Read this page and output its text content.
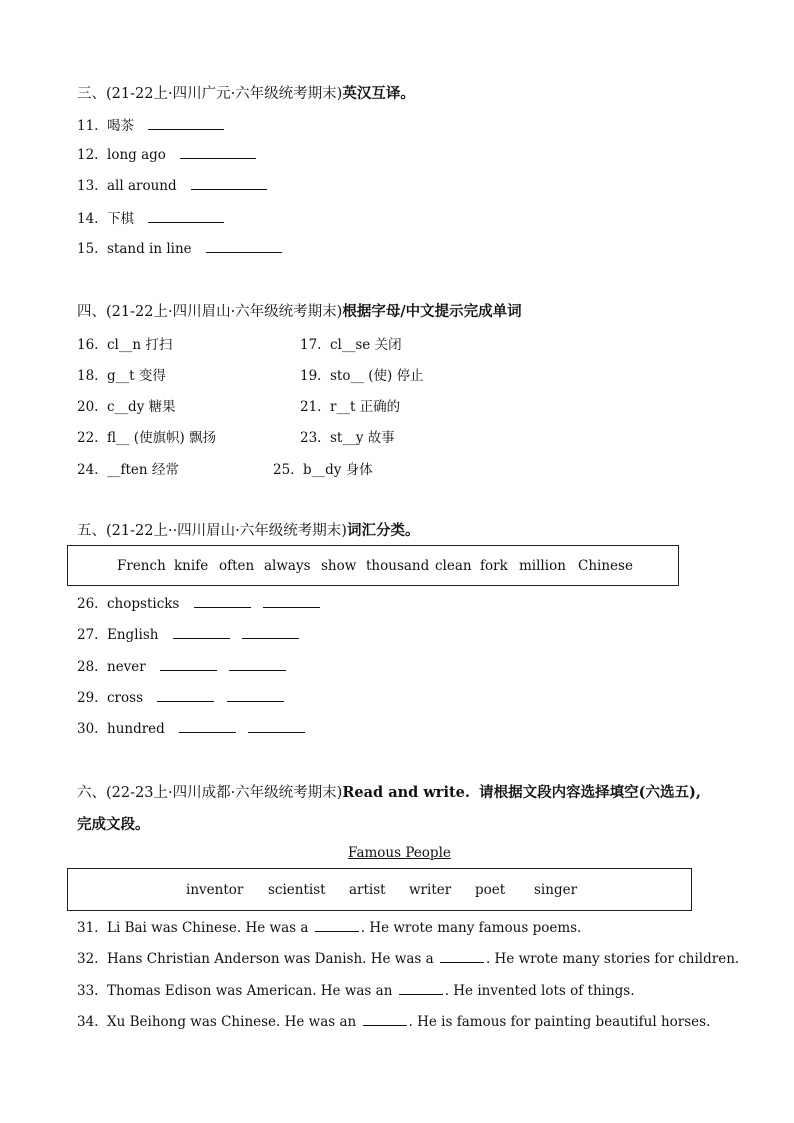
三、(21-22上·四川广元·六年级统考期末)英汉互译。
11. 喝茶
12. long ago
13. all around
14. 下棋
15. stand in line
四、(21-22上·四川眉山·六年级统考期末)根据字母/中文提示完成单词
16. cl__n 打扫	17. cl__se 关闭
18. g__t 变得	19. sto__ (使) 停止
20. c__dy 糖果	21. r__t 正确的
22. fl__ (使旗帜) 飘扬	23. st__y 故事
24. __ften 经常	25. b__dy 身体
五、(21-22上··四川眉山·六年级统考期末)词汇分类。
French knife often always show thousand clean fork million Chinese
26. chopsticks
27. English
28. never
29. cross
30. hundred
六、(22-23上·四川成都·六年级统考期末)Read and write. 请根据文段内容选择填空(六选五),
完成文段。
Famous People
inventor scientist artist writer poet singer
31. Li Bai was Chinese. He was a	. He wrote many famous poems.
32. Hans Christian Anderson was Danish. He was a	. He wrote many stories for children.
33. Thomas Edison was American. He was an	. He invented lots of things.
34. Xu Beihong was Chinese. He was an	. He is famous for painting beautiful horses.
